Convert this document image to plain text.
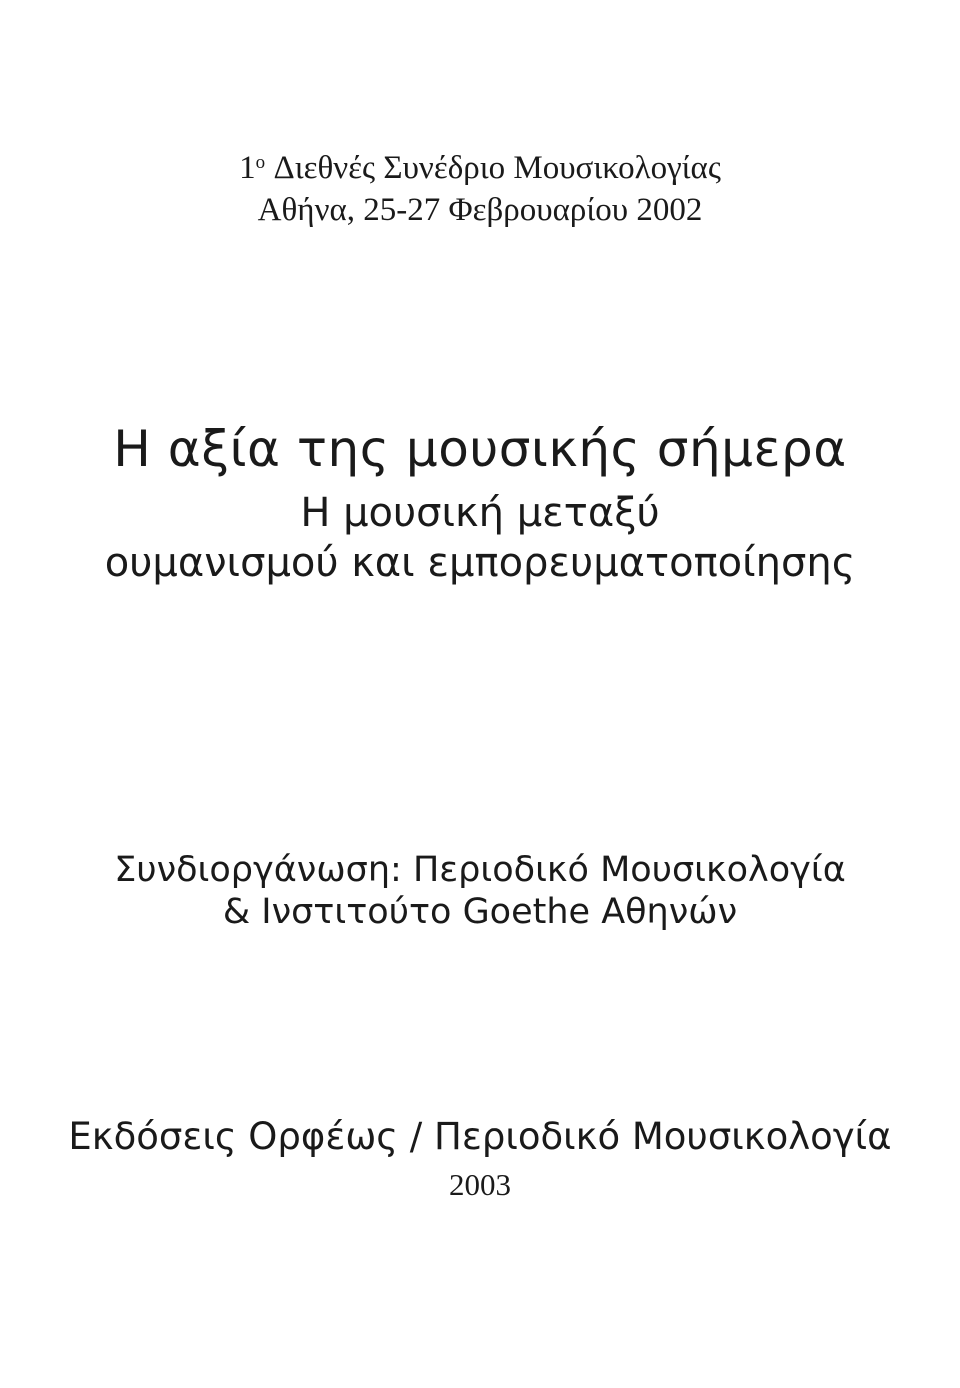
$1^o$ Διεθνές Συνέδριο Μουσικολογίας
Αθήνα, 25-27 Φεβρουαρίου 2002
Η αξία της μουσικής σήμερα
Η μουσική μεταξύ
ουμανισμού και εμπορευματοποίησης
Συνδιοργάνωση: Περιοδικό Μουσικολογία
& Ινστιτούτο Goethe Αθηνών
Εκδόσεις Ορφέως / Περιοδικό Μουσικολογία
2003
